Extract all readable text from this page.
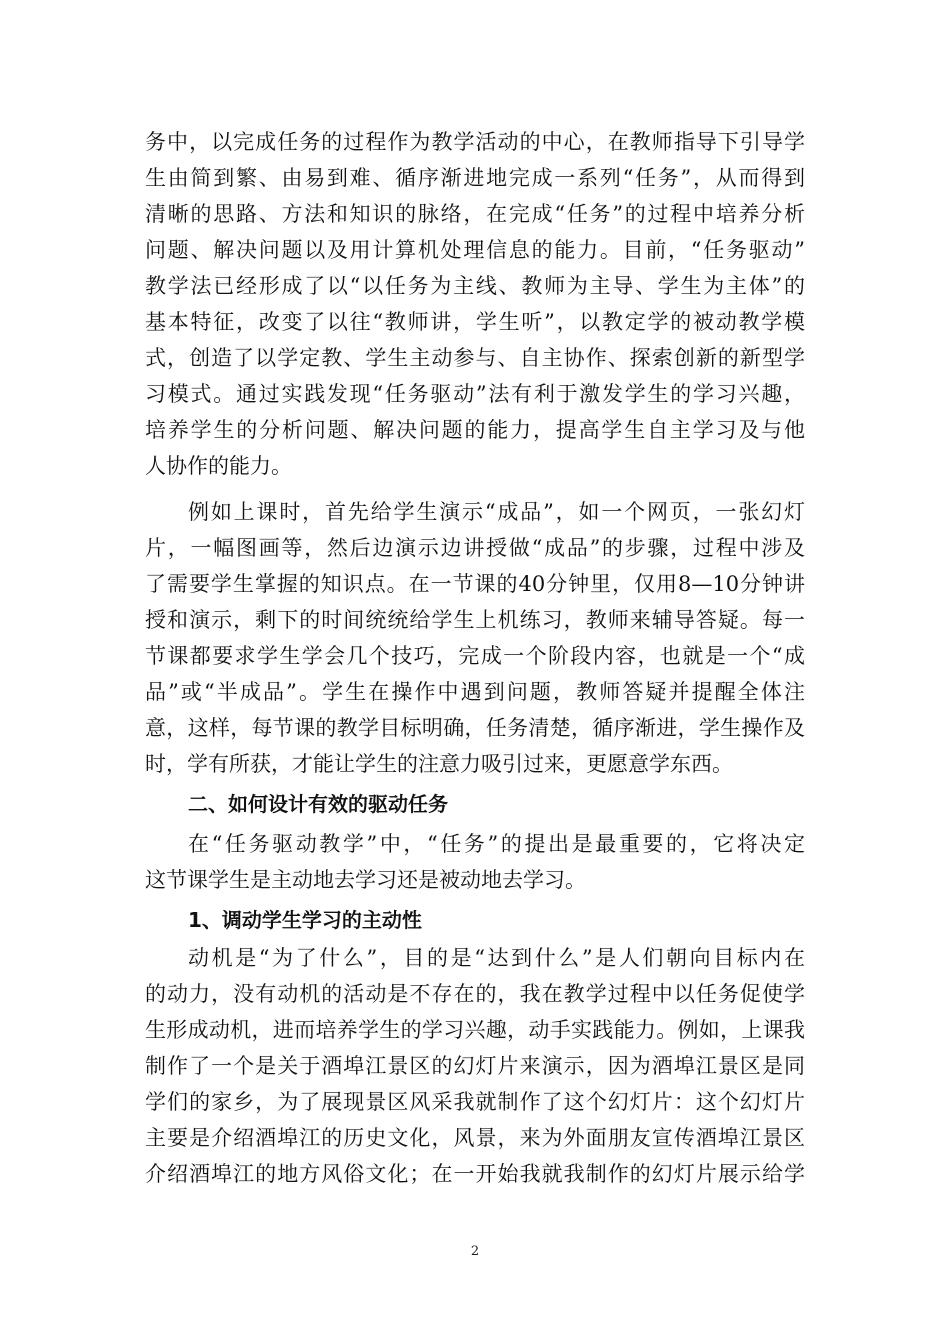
务中，以完成任务的过程作为教学活动的中心，在教师指导下引导学
生由简到繁、由易到难、循序渐进地完成一系列“任务”，从而得到
清晰的思路、方法和知识的脉络，在完成“任务”的过程中培养分析
问题、解决问题以及用计算机处理信息的能力。目前，“任务驱动”
教学法已经形成了以“以任务为主线、教师为主导、学生为主体”的
基本特征，改变了以往“教师讲，学生听”，以教定学的被动教学模
式，创造了以学定教、学生主动参与、自主协作、探索创新的新型学
习模式。通过实践发现“任务驱动”法有利于激发学生的学习兴趣，
培养学生的分析问题、解决问题的能力，提高学生自主学习及与他
人协作的能力。
例如上课时，首先给学生演示“成品”，如一个网页，一张幻灯
片，一幅图画等，然后边演示边讲授做“成品”的步骤，过程中涉及
了需要学生掌握的知识点。在一节课的40分钟里，仅用8—10分钟讲
授和演示，剩下的时间统统给学生上机练习，教师来辅导答疑。每一
节课都要求学生学会几个技巧，完成一个阶段内容，也就是一个“成
品”或“半成品”。学生在操作中遇到问题，教师答疑并提醒全体注
意，这样，每节课的教学目标明确，任务清楚，循序渐进，学生操作及
时，学有所获，才能让学生的注意力吸引过来，更愿意学东西。
二、如何设计有效的驱动任务
在“任务驱动教学”中，“任务”的提出是最重要的，它将决定
这节课学生是主动地去学习还是被动地去学习。
1、调动学生学习的主动性
动机是“为了什么”，目的是“达到什么”是人们朝向目标内在
的动力，没有动机的活动是不存在的，我在教学过程中以任务促使学
生形成动机，进而培养学生的学习兴趣，动手实践能力。例如，上课我
制作了一个是关于酒埠江景区的幻灯片来演示，因为酒埠江景区是同
学们的家乡，为了展现景区风采我就制作了这个幻灯片：这个幻灯片
主要是介绍酒埠江的历史文化，风景，来为外面朋友宣传酒埠江景区
介绍酒埠江的地方风俗文化；在一开始我就我制作的幻灯片展示给学
2
